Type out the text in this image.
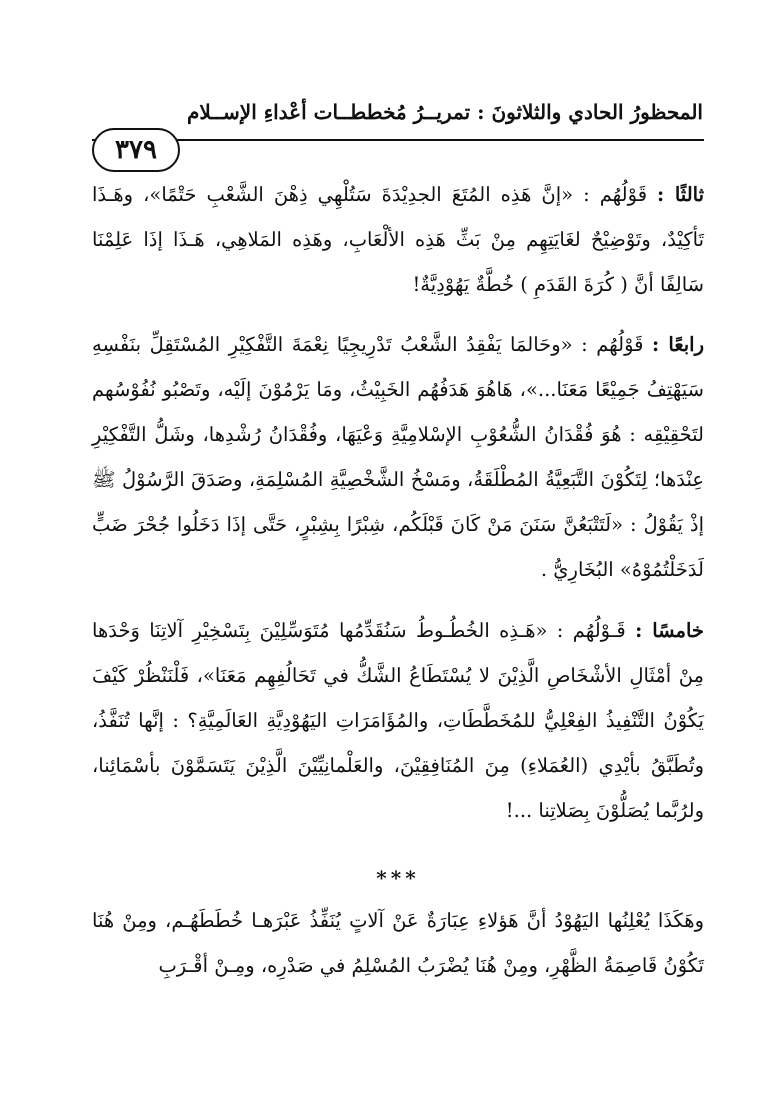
المحظورُ الحادي والثلاثونَ : تمريــرُ مُخططــات أعْداءِ الإســلام
٣٧٩

ثالثًا : قَوْلُهُم : «إنَّ هَذِه المُتَعَ الجدِيْدَةَ سَتُلْهِي ذِهْنَ الشَّعْبِ حَتْمًا»، وهَـذَا تَأكِيْدٌ، وتَوْضِيْحٌ لغَايَتِهِم مِنْ بَثِّ هَذِه الألْعَابِ، وهَذِه المَلاهِي، هَـذَا إذَا عَلِمْنَا سَالِفًا أنَّ ( كُرَةَ القَدَمِ ) خُطَّةٌ يَهُوْدِيَّةٌ!

رابعًا : قَوْلُهُم : «وحَالمَا يَفْقِدُ الشَّعْبُ تَدْرِيجِيًا نِعْمَةَ التَّفْكِيْرِ المُسْتَقِلِّ بنَفْسِهِ سَيَهْتِفُ جَمِيْعًا مَعَنَا...»، هَاهُوَ هَدَفُهُم الخَبِيْثُ، ومَا يَرْمُوْنَ إلَيْه، وتَصْبُو نُفُوْسُهم لتَحْقِيْقِه : هُوَ فُقْدَانُ الشُّعُوْبِ الإسْلامِيَّةِ وَعْيَهَا، وفُقْدَانُ رُشْدِها، وشَلُّ التَّفْكِيْرِ عِنْدَها؛ لِتَكُوْنَ التَّبَعِيَّةُ المُطْلَقَةُ، ومَسْخُ الشَّخْصِيَّةِ المُسْلِمَةِ، وصَدَقَ الرَّسُوْلُ ﷺ إذْ يَقُوْلُ : «لَتَتْبَعُنَّ سَنَنَ مَنْ كَانَ قَبْلَكُم، شِبْرًا بِشِبْرٍ، حَتَّى إذَا دَخَلُوا جُحْرَ ضَبٍّ لَدَخَلْتُمُوْهُ» البُخَارِيُّ .

خامسًا : قَـوْلُهُم : «هَـذِه الخُطُـوطُ سَنُقَدِّمُها مُتَوَسِّلِيْنَ بِتَسْخِيْرِ آلاتِنَا وَحْدَها مِنْ أمْثَالِ الأشْخَاصِ الَّذِيْنَ لا يُسْتَطَاعُ الشَّكُّ في تَحَالُفِهِم مَعَنَا»، فَلْنَنْظُرْ كَيْفَ يَكُوْنُ التَّنْفِيذُ الفِعْلِيُّ للمُخَطَّطَاتِ، والمُؤَامَرَاتِ اليَهُوْدِيَّةِ العَالَمِيَّةِ؟ : إنَّها تُنَفَّذُ، وتُطَبَّقُ بأيْدِي (العُمَلاءِ) مِنَ المُنَافِقِيْنَ، والعَلْمانِيِّيْنَ الَّذِيْنَ يَتَسَمَّوْنَ بأسْمَائِنا، ولرُبَّما يُصَلُّوْنَ بِصَلاتِنا ...!

***

وهَكَذَا يُعْلِنُها اليَهُوْدُ أنَّ هَؤلاءِ عِبَارَةٌ عَنْ آلاتٍ يُنَفِّذُ عَبْرَهـا خُطَطَهُـم، ومِنْ هُنَا تَكُوْنُ قَاصِمَةُ الظَّهْرِ، ومِنْ هُنَا يُضْرَبُ المُسْلِمُ في صَدْرِه، ومِـنْ أقْـرَبِ
